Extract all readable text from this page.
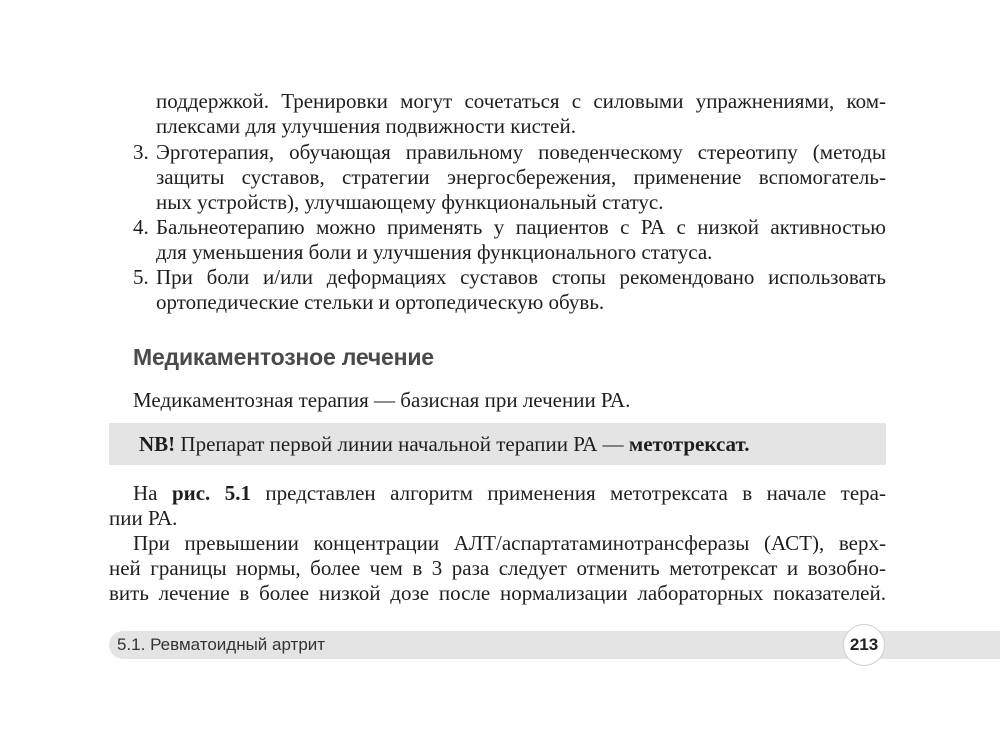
поддержкой. Тренировки могут сочетаться с силовыми упражнениями, ком-
плексами для улучшения подвижности кистей.
3. Эрготерапия, обучающая правильному поведенческому стереотипу (методы
защиты суставов, стратегии энергосбережения, применение вспомогатель-
ных устройств), улучшающему функциональный статус.
4. Бальнеотерапию можно применять у пациентов с РА с низкой активностью
для уменьшения боли и улучшения функционального статуса.
5. При боли и/или деформациях суставов стопы рекомендовано использовать
ортопедические стельки и ортопедическую обувь.
Медикаментозное лечение
Медикаментозная терапия — базисная при лечении РА.
NB! Препарат первой линии начальной терапии РА — метотрексат.
На рис. 5.1 представлен алгоритм применения метотрексата в начале тера-
пии РА.
При превышении концентрации АЛТ/аспартатаминотрансферазы (АСТ), верх-
ней границы нормы, более чем в 3 раза следует отменить метотрексат и возобно-
вить лечение в более низкой дозе после нормализации лабораторных показателей.
5.1. Ревматоидный артрит	213
